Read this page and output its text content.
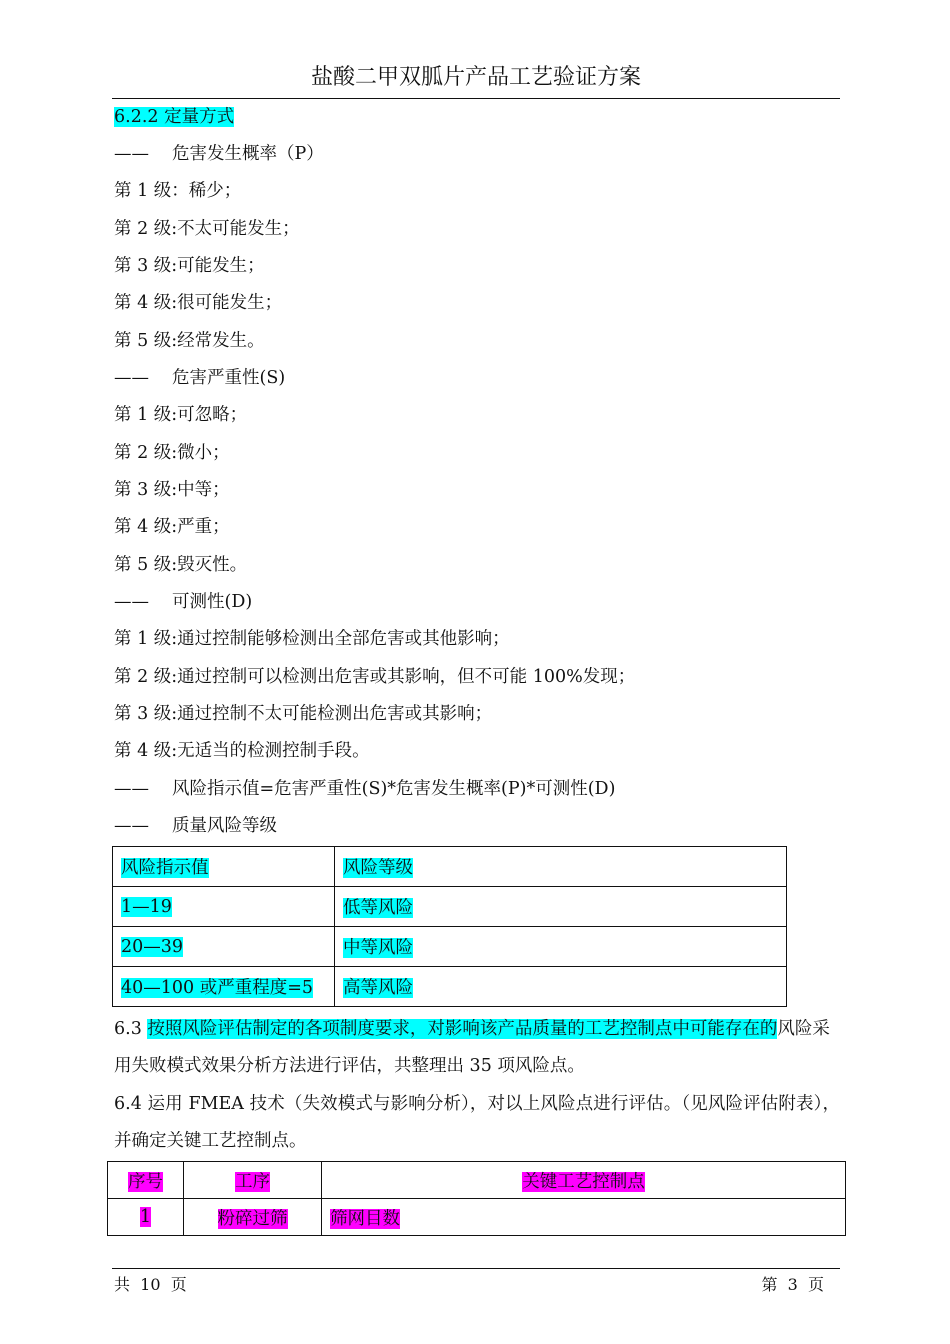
盐酸二甲双胍片产品工艺验证方案
6.2.2 定量方式
—— 危害发生概率（P）
第 1 级：稀少；
第 2 级:不太可能发生；
第 3 级:可能发生；
第 4 级:很可能发生；
第 5 级:经常发生。
—— 危害严重性(S)
第 1 级:可忽略；
第 2 级:微小；
第 3 级:中等；
第 4 级:严重；
第 5 级:毁灭性。
—— 可测性(D)
第 1 级:通过控制能够检测出全部危害或其他影响；
第 2 级:通过控制可以检测出危害或其影响，但不可能 100%发现；
第 3 级:通过控制不太可能检测出危害或其影响；
第 4 级:无适当的检测控制手段。
—— 风险指示值=危害严重性(S)*危害发生概率(P)*可测性(D)
—— 质量风险等级
风险指示值	风险等级
1—19	低等风险
20—39	中等风险
40—100 或严重程度=5	高等风险
6.3 按照风险评估制定的各项制度要求，对影响该产品质量的工艺控制点中可能存在的风险采用失败模式效果分析方法进行评估，共整理出 35 项风险点。
6.4 运用 FMEA 技术（失效模式与影响分析），对以上风险点进行评估。（见风险评估附表），并确定关键工艺控制点。
序号	工序	关键工艺控制点
1	粉碎过筛	筛网目数
共  10  页	第  3  页
